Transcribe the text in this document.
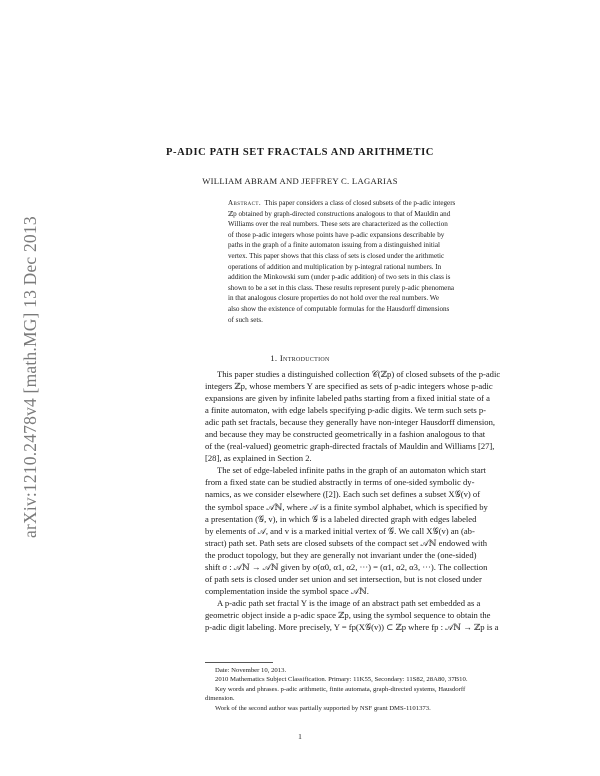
arXiv:1210.2478v4 [math.MG] 13 Dec 2013
P-ADIC PATH SET FRACTALS AND ARITHMETIC
WILLIAM ABRAM AND JEFFREY C. LAGARIAS
Abstract. This paper considers a class of closed subsets of the p-adic integers
ℤp obtained by graph-directed constructions analogous to that of Mauldin and
Williams over the real numbers. These sets are characterized as the collection
of those p-adic integers whose points have p-adic expansions describable by
paths in the graph of a finite automaton issuing from a distinguished initial
vertex. This paper shows that this class of sets is closed under the arithmetic
operations of addition and multiplication by p-integral rational numbers. In
addition the Minkowski sum (under p-adic addition) of two sets in this class is
shown to be a set in this class. These results represent purely p-adic phenomena
in that analogous closure properties do not hold over the real numbers. We
also show the existence of computable formulas for the Hausdorff dimensions
of such sets.
1. Introduction
This paper studies a distinguished collection 𝒞(ℤp) of closed subsets of the p-adic
integers ℤp, whose members Y are specified as sets of p-adic integers whose p-adic
expansions are given by infinite labeled paths starting from a fixed initial state of a
a finite automaton, with edge labels specifying p-adic digits. We term such sets p-
adic path set fractals, because they generally have non-integer Hausdorff dimension,
and because they may be constructed geometrically in a fashion analogous to that
of the (real-valued) geometric graph-directed fractals of Mauldin and Williams [27],
[28], as explained in Section 2.
The set of edge-labeled infinite paths in the graph of an automaton which start
from a fixed state can be studied abstractly in terms of one-sided symbolic dy-
namics, as we consider elsewhere ([2]). Each such set defines a subset X𝒢(v) of
the symbol space 𝒜ℕ, where 𝒜 is a finite symbol alphabet, which is specified by
a presentation (𝒢, v), in which 𝒢 is a labeled directed graph with edges labeled
by elements of 𝒜, and v is a marked initial vertex of 𝒢. We call X𝒢(v) an (ab-
stract) path set. Path sets are closed subsets of the compact set 𝒜ℕ endowed with
the product topology, but they are generally not invariant under the (one-sided)
shift σ : 𝒜ℕ → 𝒜ℕ given by σ(α0, α1, α2, ···) = (α1, α2, α3, ···). The collection
of path sets is closed under set union and set intersection, but is not closed under
complementation inside the symbol space 𝒜ℕ.
A p-adic path set fractal Y is the image of an abstract path set embedded as a
geometric object inside a p-adic space ℤp, using the symbol sequence to obtain the
p-adic digit labeling. More precisely, Y = fp(X𝒢(v)) ⊂ ℤp where fp : 𝒜ℕ → ℤp is a
Date: November 10, 2013.
2010 Mathematics Subject Classification. Primary: 11K55, Secondary: 11S82, 28A80, 37B10.
Key words and phrases. p-adic arithmetic, finite automata, graph-directed systems, Hausdorff
dimension.
Work of the second author was partially supported by NSF grant DMS-1101373.
1
